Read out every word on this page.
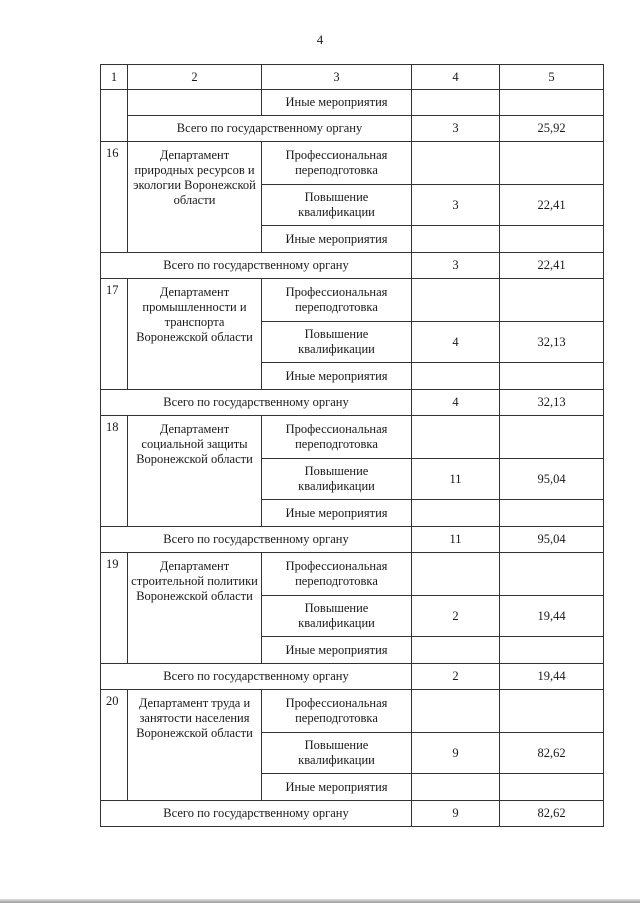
4
1	2	3	4	5
		Иные мероприятия		
	Всего по государственному органу		3	25,92
16	Департамент природных ресурсов и экологии Воронежской области	Профессиональная переподготовка		
		Повышение квалификации	3	22,41
		Иные мероприятия		
Всего по государственному органу			3	22,41
17	Департамент промышленности и транспорта Воронежской области	Профессиональная переподготовка		
		Повышение квалификации	4	32,13
		Иные мероприятия		
Всего по государственному органу			4	32,13
18	Департамент социальной защиты Воронежской области	Профессиональная переподготовка		
		Повышение квалификации	11	95,04
		Иные мероприятия		
Всего по государственному органу			11	95,04
19	Департамент строительной политики Воронежской области	Профессиональная переподготовка		
		Повышение квалификации	2	19,44
		Иные мероприятия		
Всего по государственному органу			2	19,44
20	Департамент труда и занятости населения Воронежской области	Профессиональная переподготовка		
		Повышение квалификации	9	82,62
		Иные мероприятия		
Всего по государственному органу			9	82,62
